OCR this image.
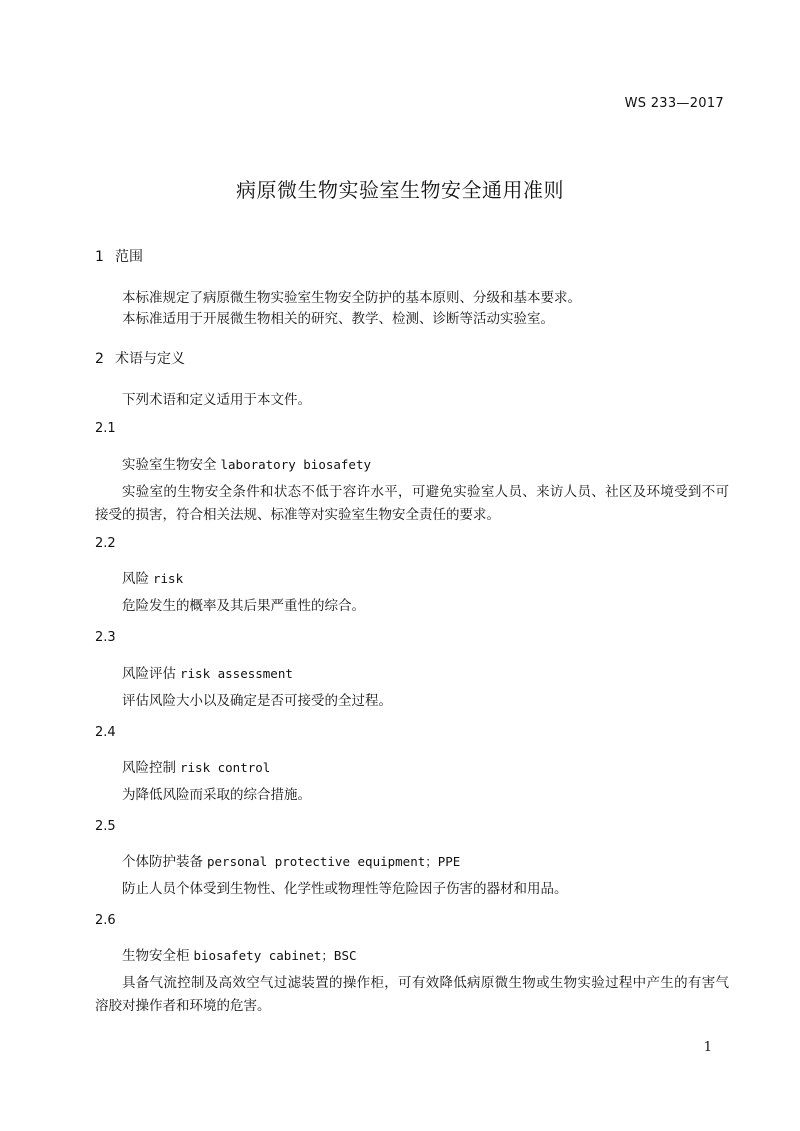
WS 233—2017
病原微生物实验室生物安全通用准则
1 范围
本标准规定了病原微生物实验室生物安全防护的基本原则、分级和基本要求。
本标准适用于开展微生物相关的研究、教学、检测、诊断等活动实验室。
2 术语与定义
下列术语和定义适用于本文件。
2.1
实验室生物安全 laboratory biosafety
实验室的生物安全条件和状态不低于容许水平，可避免实验室人员、来访人员、社区及环境受到不可接受的损害，符合相关法规、标准等对实验室生物安全责任的要求。
2.2
风险 risk
危险发生的概率及其后果严重性的综合。
2.3
风险评估 risk assessment
评估风险大小以及确定是否可接受的全过程。
2.4
风险控制 risk control
为降低风险而采取的综合措施。
2.5
个体防护装备 personal protective equipment；PPE
防止人员个体受到生物性、化学性或物理性等危险因子伤害的器材和用品。
2.6
生物安全柜 biosafety cabinet；BSC
具备气流控制及高效空气过滤装置的操作柜，可有效降低病原微生物或生物实验过程中产生的有害气溶胶对操作者和环境的危害。
1
